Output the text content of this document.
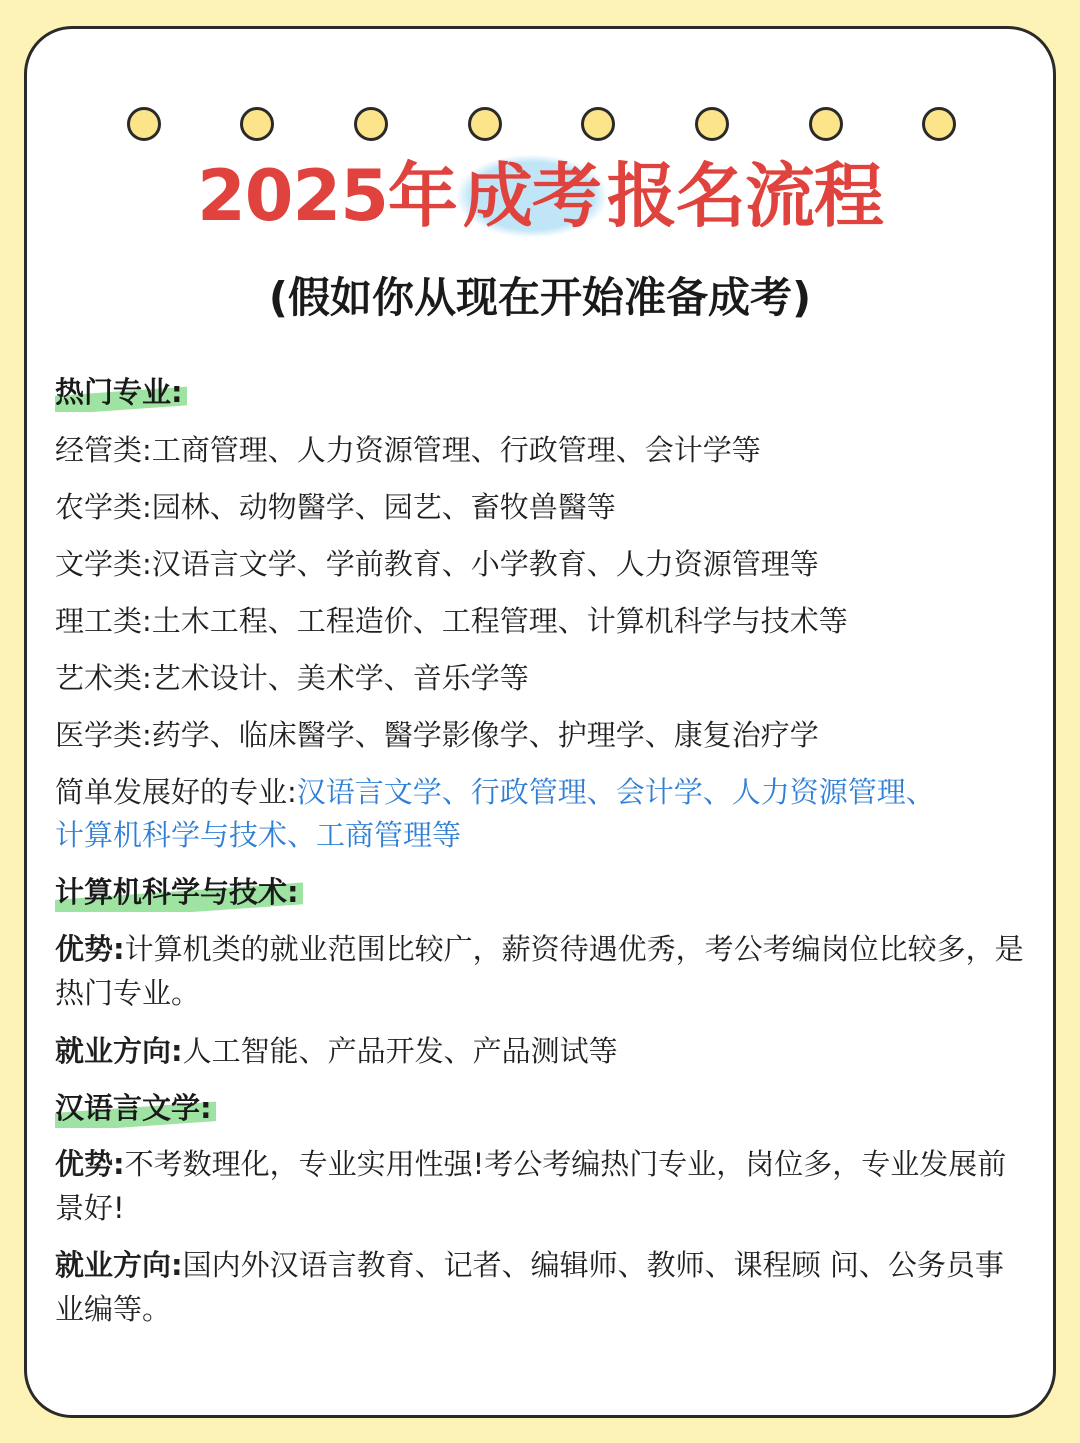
2025年成考报名流程
(假如你从现在开始准备成考)
热门专业:
经管类:工商管理、人力资源管理、行政管理、会计学等
农学类:园林、动物醫学、园艺、畜牧兽醫等
文学类:汉语言文学、学前教育、小学教育、人力资源管理等
理工类:土木工程、工程造价、工程管理、计算机科学与技术等
艺术类:艺术设计、美术学、音乐学等
医学类:药学、临床醫学、醫学影像学、护理学、康复治疗学
简单发展好的专业:汉语言文学、行政管理、会计学、人力资源管理、
计算机科学与技术、工商管理等
计算机科学与技术:
优势:计算机类的就业范围比较广，薪资待遇优秀，考公考编岗位比较多，是热门专业。
就业方向:人工智能、产品开发、产品测试等
汉语言文学:
优势:不考数理化，专业实用性强!考公考编热门专业，岗位多，专业发展前景好!
就业方向:国内外汉语言教育、记者、编辑师、教师、课程顾 问、公务员事业编等。
